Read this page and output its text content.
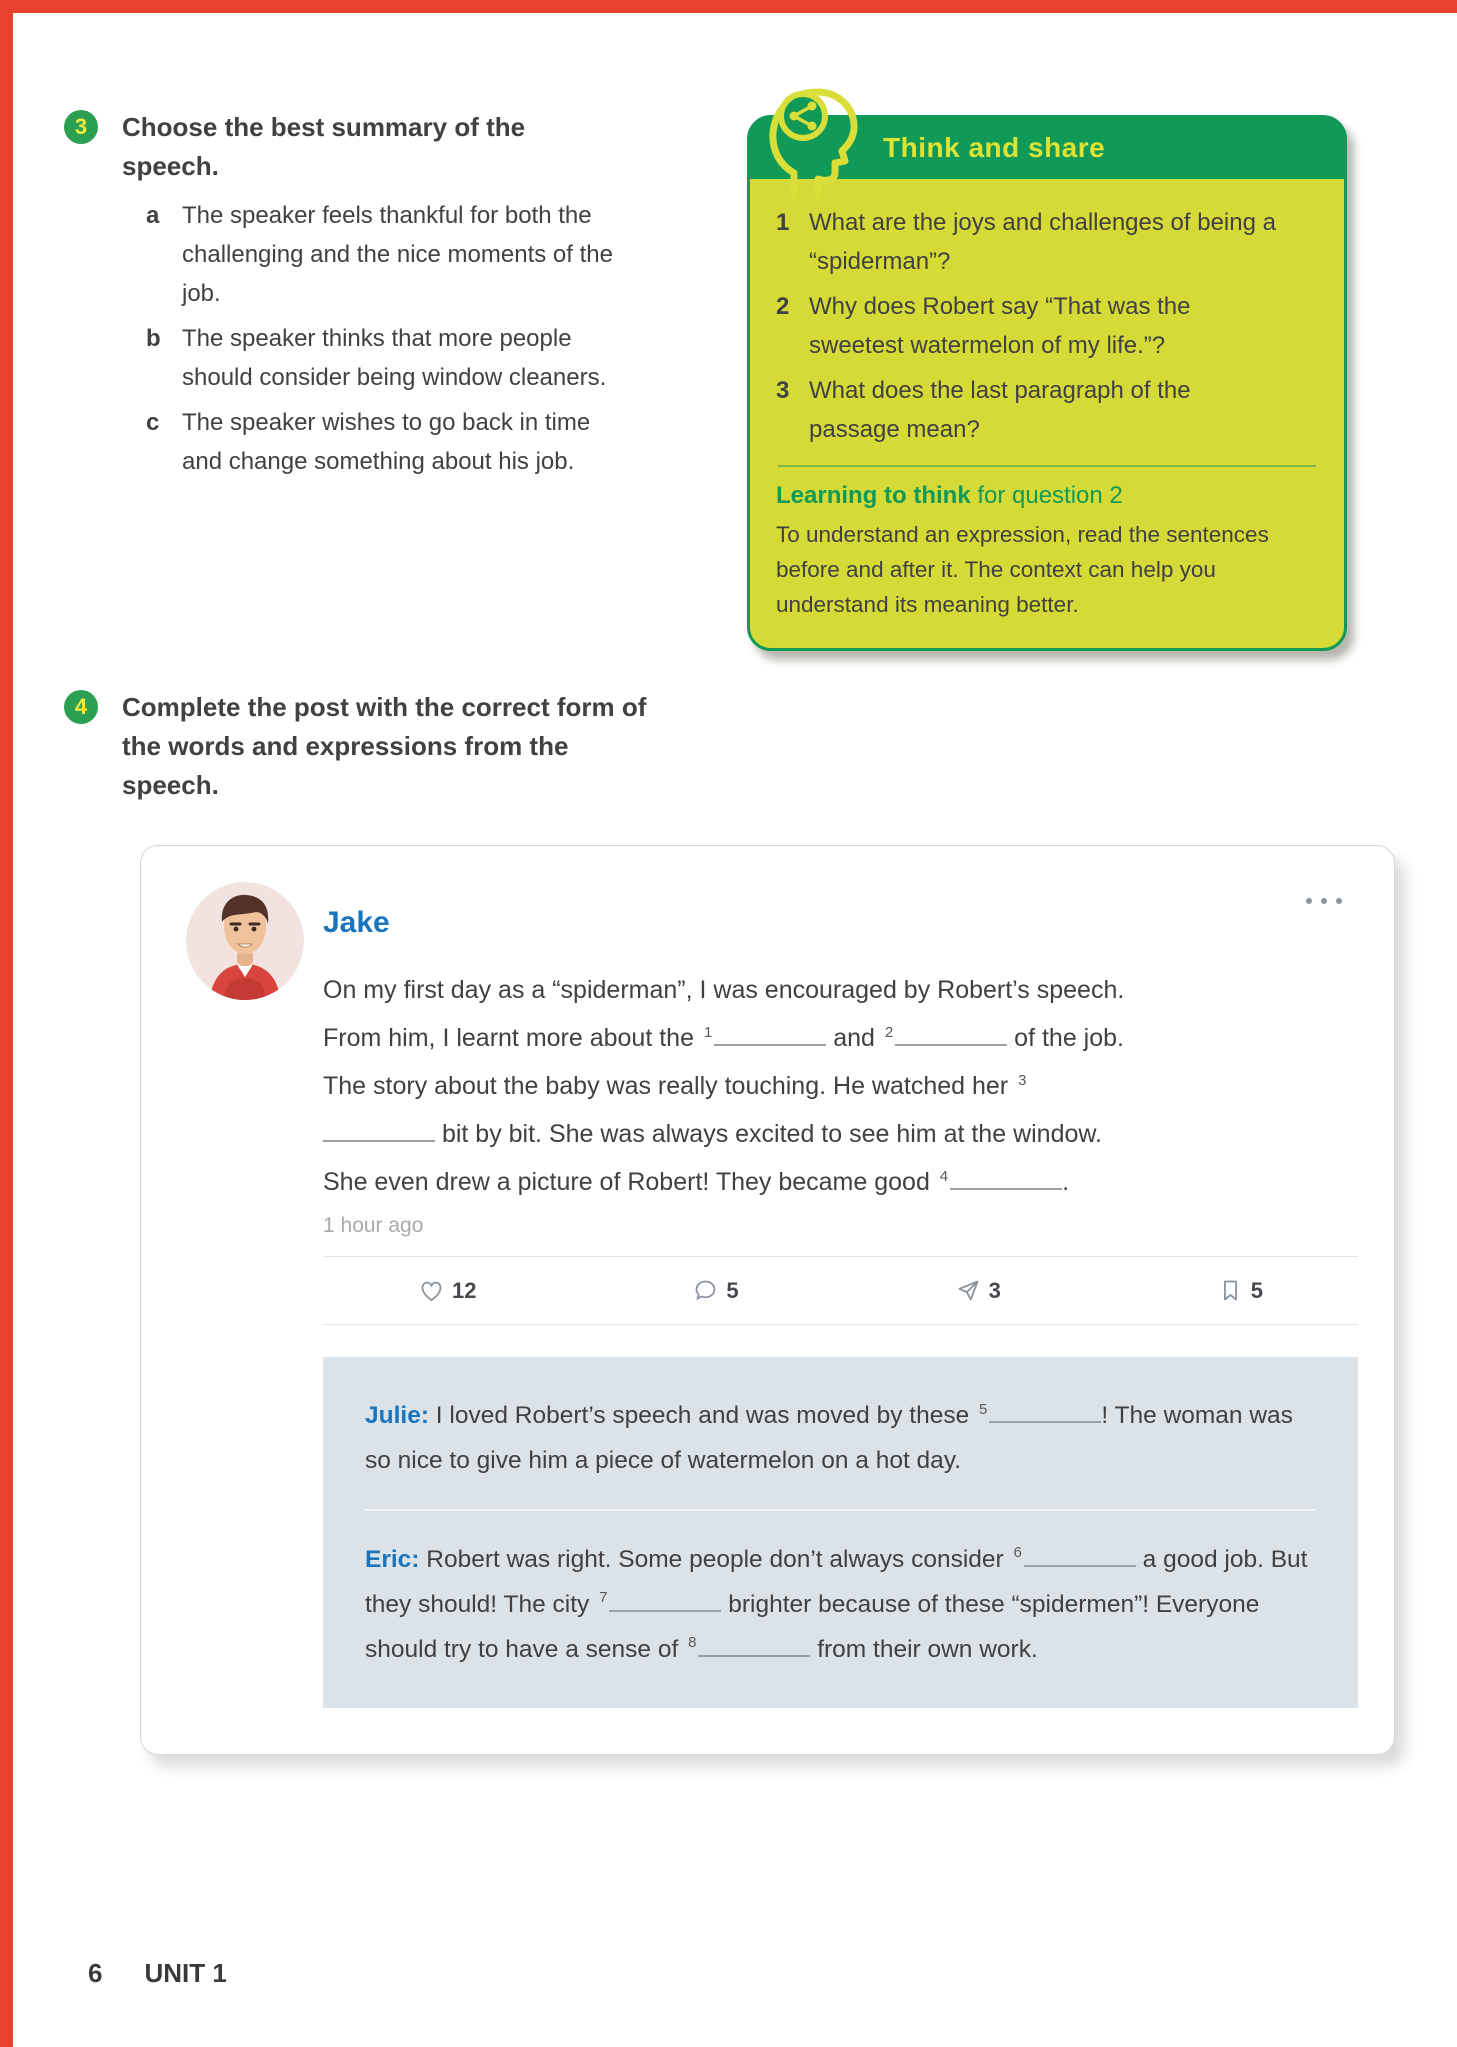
3	Choose the best summary of the speech.
a The speaker feels thankful for both the challenging and the nice moments of the job.
b The speaker thinks that more people should consider being window cleaners.
c The speaker wishes to go back in time and change something about his job.
4	Complete the post with the correct form of the words and expressions from the speech.
Think and share
1 What are the joys and challenges of being a “spiderman”?
2 Why does Robert say “That was the sweetest watermelon of my life.”?
3 What does the last paragraph of the passage mean?
Learning to think for question 2

To understand an expression, read the sentences before and after it. The context can help you understand its meaning better.

Jake

On my first day as a “spiderman”, I was encouraged by Robert’s speech. From him, I learnt more about the $^1$	and $^2$	of the job. The story about the baby was really touching. He watched her $^3$ bit by bit. She was always excited to see him at the window. She even drew a picture of Robert! They became good $^4$	.

1 hour ago
12	5	3	5

Julie: I loved Robert’s speech and was moved by these $^5$	! The woman was so nice to give him a piece of watermelon on a hot day.

Eric: Robert was right. Some people don’t always consider $^6$	a good job. But they should! The city $^7$	brighter because of these “spidermen”! Everyone should try to have a sense of $^8$	from their own work.

6 UNIT 1
